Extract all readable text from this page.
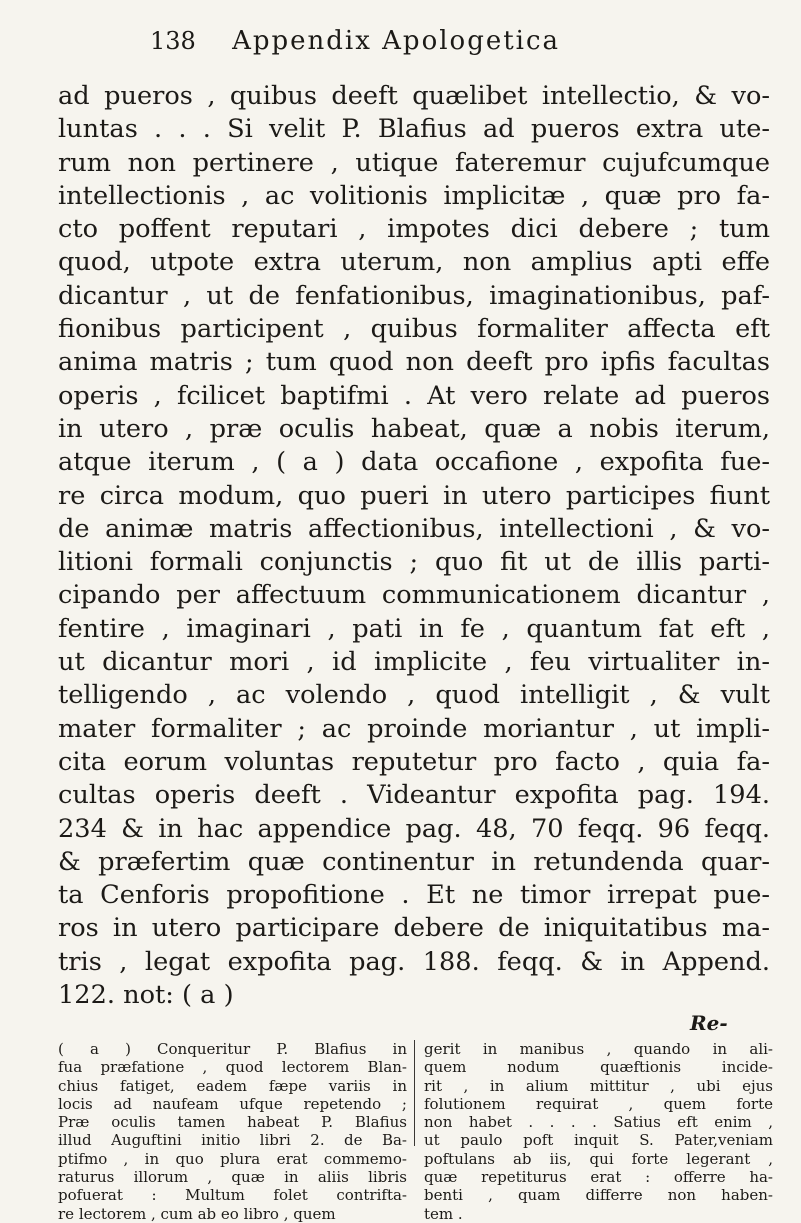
138 Appendix Apologetica

ad pueros , quibus deeft quælibet intellectio, & vo-
luntas . . . Si velit P. Blafius ad pueros extra ute-
rum non pertinere , utique fateremur cujufcumque
intellectionis , ac volitionis implicitæ , quæ pro fa-
cto poffent reputari , impotes dici debere ; tum
quod, utpote extra uterum, non amplius apti effe
dicantur , ut de fenfationibus, imaginationibus, paf-
fionibus participent , quibus formaliter affecta eft
anima matris ; tum quod non deeft pro ipfis facultas
operis , fcilicet baptifmi . At vero relate ad pueros
in utero , præ oculis habeat, quæ a nobis iterum,
atque iterum , ( a ) data occafione , expofita fue-
re circa modum, quo pueri in utero participes fiunt
de animæ matris affectionibus, intellectioni , & vo-
litioni formali conjunctis ; quo fit ut de illis parti-
cipando per affectuum communicationem dicantur ,
fentire , imaginari , pati in fe , quantum fat eft ,
ut dicantur mori , id implicite , feu virtualiter in-
telligendo , ac volendo , quod intelligit , & vult
mater formaliter ; ac proinde moriantur , ut impli-
cita eorum voluntas reputetur pro facto , quia fa-
cultas operis deeft . Videantur expofita pag. 194.
234 & in hac appendice pag. 48, 70 feqq. 96 feqq.
& præfertim quæ continentur in retundenda quar-
ta Cenforis propofitione . Et ne timor irrepat pue-
ros in utero participare debere de iniquitatibus ma-
tris , legat expofita pag. 188. feqq. & in Append.
122. not: ( a )

Re-
( a ) Conqueritur P. Blafius in
fua præfatione , quod lectorem Blan-
chius fatiget, eadem fæpe variis in
locis ad naufeam ufque repetendo ;
Præ oculis tamen habeat P. Blafius
illud Auguftini initio libri 2. de Ba-
ptifmo , in quo plura erat commemo-
raturus illorum , quæ in aliis libris
pofuerat : Multum folet contrifta-
re lectorem , cum ab eo libro , quem
gerit in manibus , quando in ali-
quem nodum quæftionis incide-
rit , in alium mittitur , ubi ejus
folutionem requirat , quem forte
non habet . . . . Satius eft enim ,
ut paulo poft inquit S. Pater,veniam
poftulans ab iis, qui forte legerant ,
quæ repetiturus erat : offerre ha-
benti , quam differre non haben-
tem .
